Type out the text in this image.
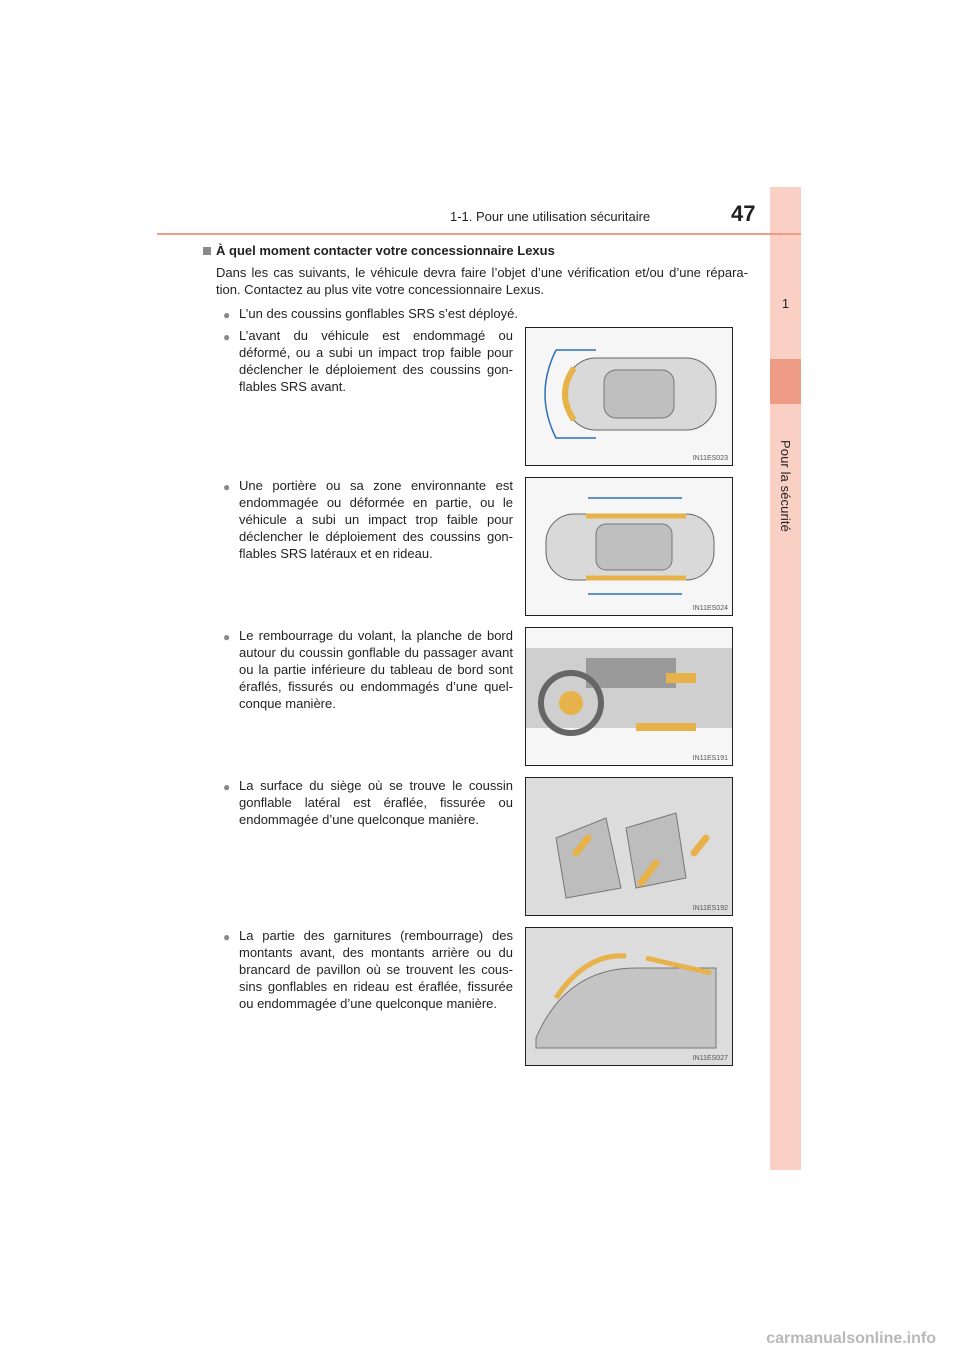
1
Pour la sécurité
1-1. Pour une utilisation sécuritaire	47
À quel moment contacter votre concessionnaire Lexus
Dans les cas suivants, le véhicule devra faire l’objet d’une vérification et/ou d’une répara- tion. Contactez au plus vite votre concessionnaire Lexus.
● L’un des coussins gonflables SRS s’est déployé.
● L’avant du véhicule est endommagé ou déformé, ou a subi un impact trop faible pour déclencher le déploiement des coussins gon- flables SRS avant.
IN11ES023
● Une portière ou sa zone environnante est endommagée ou déformée en partie, ou le véhicule a subi un impact trop faible pour déclencher le déploiement des coussins gon- flables SRS latéraux et en rideau.
IN11ES024
● Le rembourrage du volant, la planche de bord autour du coussin gonflable du passager avant ou la partie inférieure du tableau de bord sont éraflés, fissurés ou endommagés d’une quel- conque manière.
IN11ES191
● La surface du siège où se trouve le coussin gonflable latéral est éraflée, fissurée ou endommagée d’une quelconque manière.
IN11ES192
● La partie des garnitures (rembourrage) des montants avant, des montants arrière ou du brancard de pavillon où se trouvent les cous- sins gonflables en rideau est éraflée, fissurée ou endommagée d’une quelconque manière.
IN11ES027
carmanualsonline.info
